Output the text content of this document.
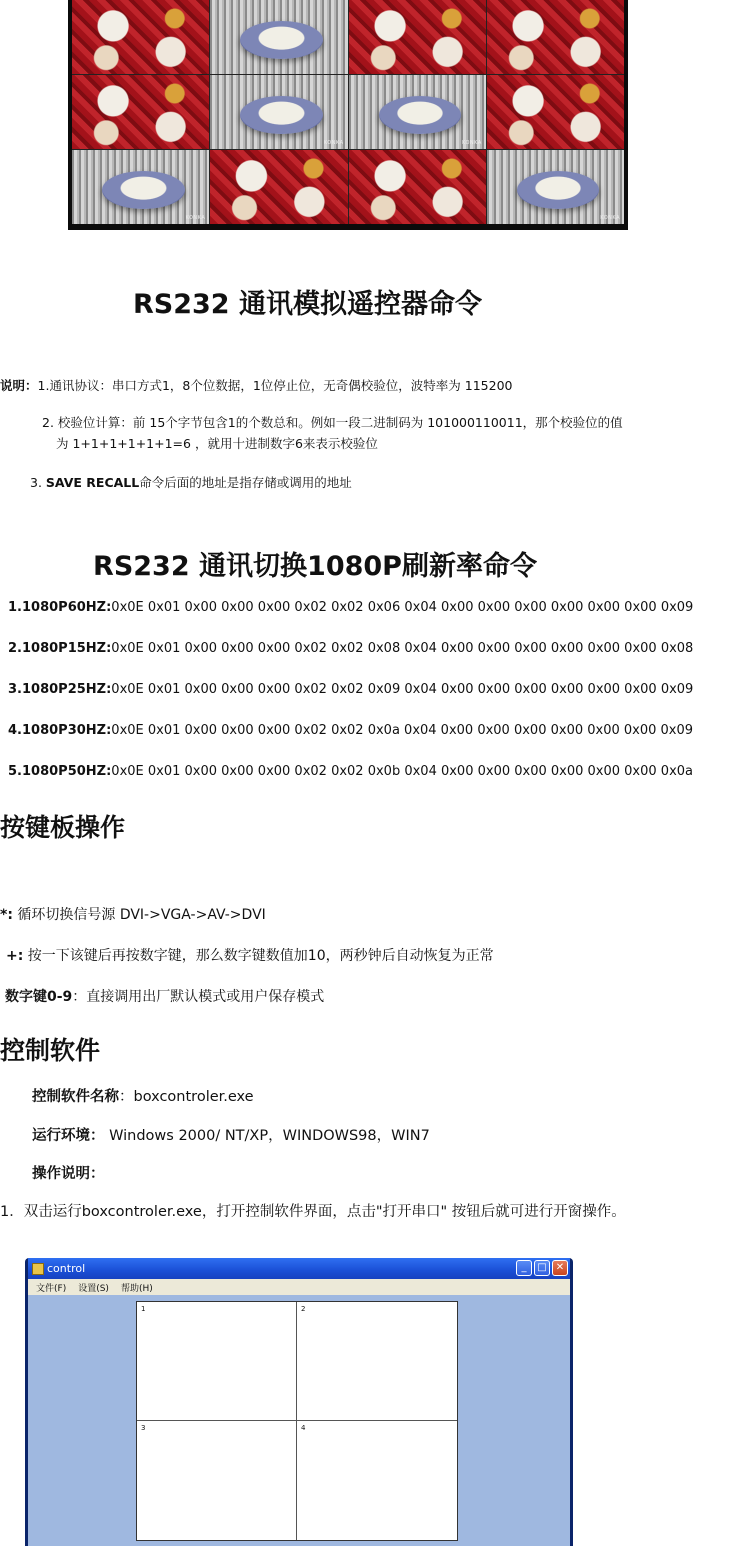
KONKA	KONKA
KONKA	KONKA
RS232 通讯模拟遥控器命令
说明：1.通讯协议：串口方式1，8个位数据，1位停止位，无奇偶校验位，波特率为 115200
2. 校验位计算：前 15个字节包含1的个数总和。例如一段二进制码为 101000110011，那个校验位的值
为 1+1+1+1+1+1=6 ，就用十进制数字6来表示校验位
3. SAVE RECALL命令后面的地址是指存储或调用的地址
RS232 通讯切换1080P刷新率命令
1.1080P60HZ:0x0E 0x01 0x00 0x00 0x00 0x02 0x02 0x06 0x04 0x00 0x00 0x00 0x00 0x00 0x00 0x09
2.1080P15HZ:0x0E 0x01 0x00 0x00 0x00 0x02 0x02 0x08 0x04 0x00 0x00 0x00 0x00 0x00 0x00 0x08
3.1080P25HZ:0x0E 0x01 0x00 0x00 0x00 0x02 0x02 0x09 0x04 0x00 0x00 0x00 0x00 0x00 0x00 0x09
4.1080P30HZ:0x0E 0x01 0x00 0x00 0x00 0x02 0x02 0x0a 0x04 0x00 0x00 0x00 0x00 0x00 0x00 0x09
5.1080P50HZ:0x0E 0x01 0x00 0x00 0x00 0x02 0x02 0x0b 0x04 0x00 0x00 0x00 0x00 0x00 0x00 0x0a
按键板操作
*: 循环切换信号源 DVI->VGA->AV->DVI
+: 按一下该键后再按数字键，那么数字键数值加10，两秒钟后自动恢复为正常
数字键0-9：直接调用出厂默认模式或用户保存模式
控制软件
控制软件名称：boxcontroler.exe
运行环境： Windows 2000/ NT/XP，WINDOWS98，WIN7
操作说明：
1．双击运行boxcontroler.exe，打开控制软件界面，点击"打开串口" 按钮后就可进行开窗操作。
control	_	□ ✕
文件(F) 设置(S) 帮助(H)
1	2
3	4
